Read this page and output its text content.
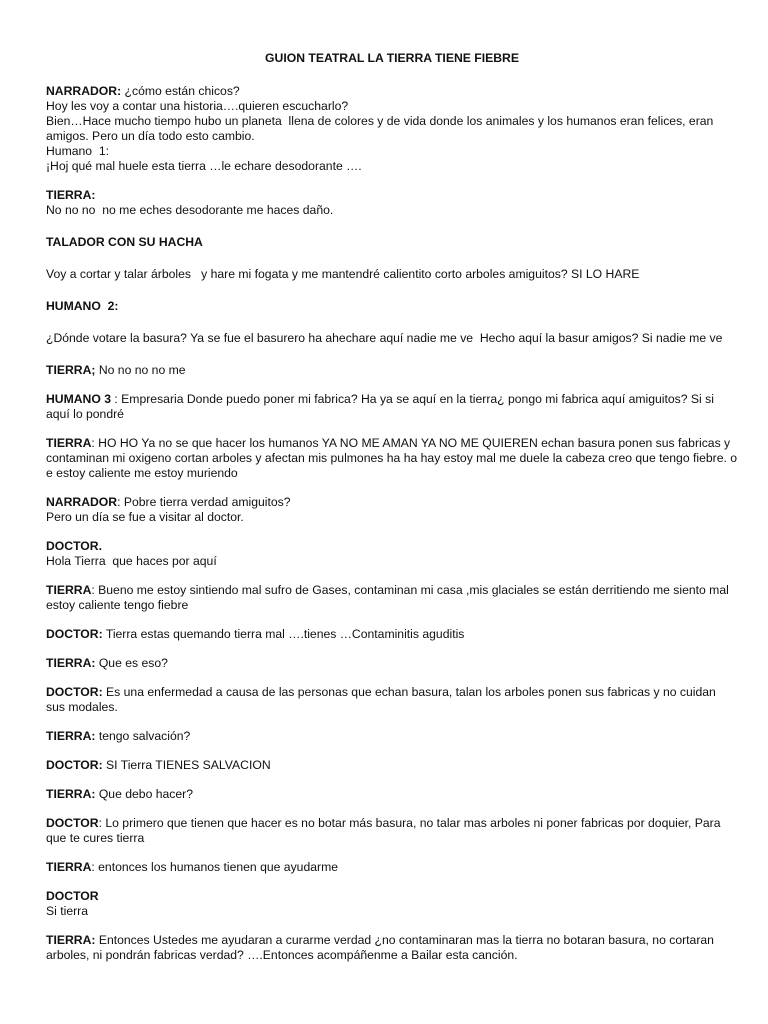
GUION TEATRAL LA TIERRA TIENE FIEBRE
NARRADOR: ¿cómo están chicos?
Hoy les voy a contar una historia….quieren escucharlo?
Bien…Hace mucho tiempo hubo un planeta  llena de colores y de vida donde los animales y los humanos eran felices, eran amigos. Pero un día todo esto cambio.
Humano  1:
¡Hoj qué mal huele esta tierra …le echare desodorante ….
TIERRA:
No no no  no me eches desodorante me haces daño.
TALADOR CON SU HACHA
Voy a cortar y talar árboles   y hare mi fogata y me mantendré calientito corto arboles amiguitos? SI LO HARE
HUMANO  2:
¿Dónde votare la basura? Ya se fue el basurero ha ahechare aquí nadie me ve  Hecho aquí la basur amigos? Si nadie me ve
TIERRA; No no no no me
HUMANO 3 : Empresaria Donde puedo poner mi fabrica? Ha ya se aquí en la tierra¿ pongo mi fabrica aquí amiguitos? Si si aquí lo pondré
TIERRA: HO HO Ya no se que hacer los humanos YA NO ME AMAN YA NO ME QUIEREN echan basura ponen sus fabricas y contaminan mi oxigeno cortan arboles y afectan mis pulmones ha ha hay estoy mal me duele la cabeza creo que tengo fiebre. o e estoy caliente me estoy muriendo
NARRADOR: Pobre tierra verdad amiguitos?
Pero un día se fue a visitar al doctor.
DOCTOR.
Hola Tierra  que haces por aquí
TIERRA: Bueno me estoy sintiendo mal sufro de Gases, contaminan mi casa ,mis glaciales se están derritiendo me siento mal estoy caliente tengo fiebre
DOCTOR: Tierra estas quemando tierra mal ….tienes …Contaminitis aguditis
TIERRA: Que es eso?
DOCTOR: Es una enfermedad a causa de las personas que echan basura, talan los arboles ponen sus fabricas y no cuidan sus modales.
TIERRA: tengo salvación?
DOCTOR: SI Tierra TIENES SALVACION
TIERRA: Que debo hacer?
DOCTOR: Lo primero que tienen que hacer es no botar más basura, no talar mas arboles ni poner fabricas por doquier, Para que te cures tierra
TIERRA: entonces los humanos tienen que ayudarme
DOCTOR
Si tierra
TIERRA: Entonces Ustedes me ayudaran a curarme verdad ¿no contaminaran mas la tierra no botaran basura, no cortaran arboles, ni pondrán fabricas verdad? ….Entonces acompáñenme a Bailar esta canción.
